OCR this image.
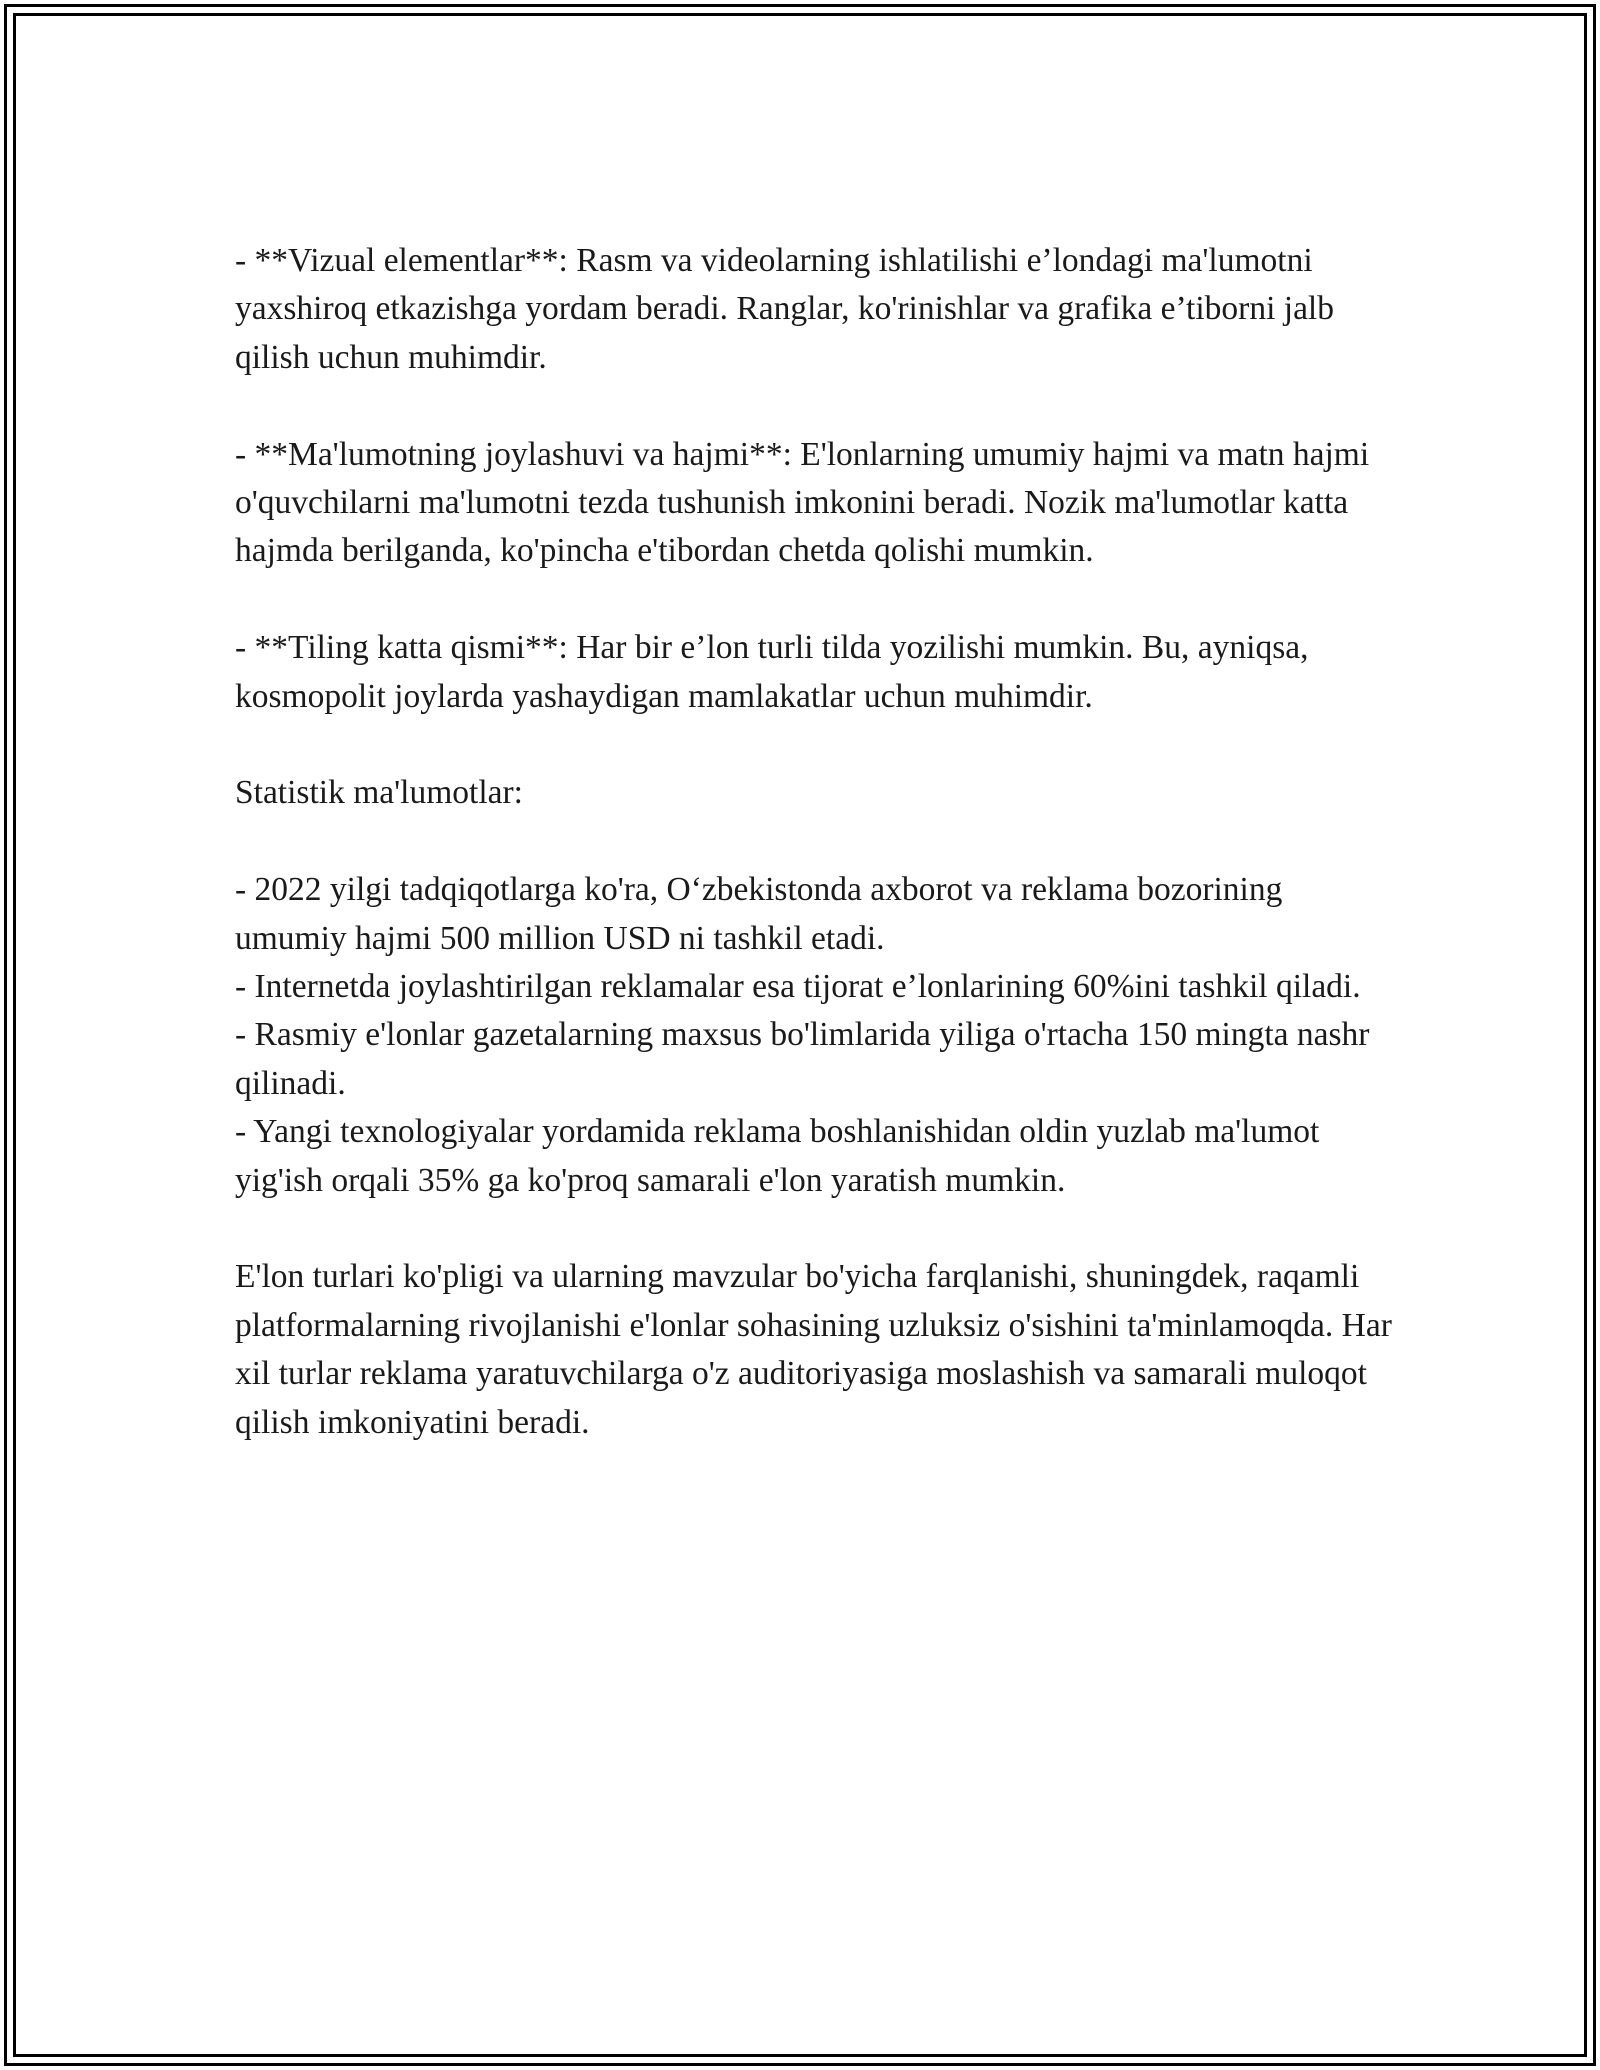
- **Vizual elementlar**: Rasm va videolarning ishlatilishi e’londagi ma'lumotni yaxshiroq etkazishga yordam beradi. Ranglar, ko'rinishlar va grafika e’tiborni jalb qilish uchun muhimdir.

- **Ma'lumotning joylashuvi va hajmi**: E'lonlarning umumiy hajmi va matn hajmi o'quvchilarni ma'lumotni tezda tushunish imkonini beradi. Nozik ma'lumotlar katta hajmda berilganda, ko'pincha e'tibordan chetda qolishi mumkin.

- **Tiling katta qismi**: Har bir e’lon turli tilda yozilishi mumkin. Bu, ayniqsa, kosmopolit joylarda yashaydigan mamlakatlar uchun muhimdir.

Statistik ma'lumotlar:

- 2022 yilgi tadqiqotlarga ko'ra, O‘zbekistonda axborot va reklama bozorining umumiy hajmi 500 million USD ni tashkil etadi.

- Internetda joylashtirilgan reklamalar esa tijorat e’lonlarining 60%ini tashkil qiladi.

- Rasmiy e'lonlar gazetalarning maxsus bo'limlarida yiliga o'rtacha 150 mingta nashr qilinadi.

- Yangi texnologiyalar yordamida reklama boshlanishidan oldin yuzlab ma'lumot yig'ish orqali 35% ga ko'proq samarali e'lon yaratish mumkin.

E'lon turlari ko'pligi va ularning mavzular bo'yicha farqlanishi, shuningdek, raqamli platformalarning rivojlanishi e'lonlar sohasining uzluksiz o'sishini ta'minlamoqda. Har xil turlar reklama yaratuvchilarga o'z auditoriyasiga moslashish va samarali muloqot qilish imkoniyatini beradi.
